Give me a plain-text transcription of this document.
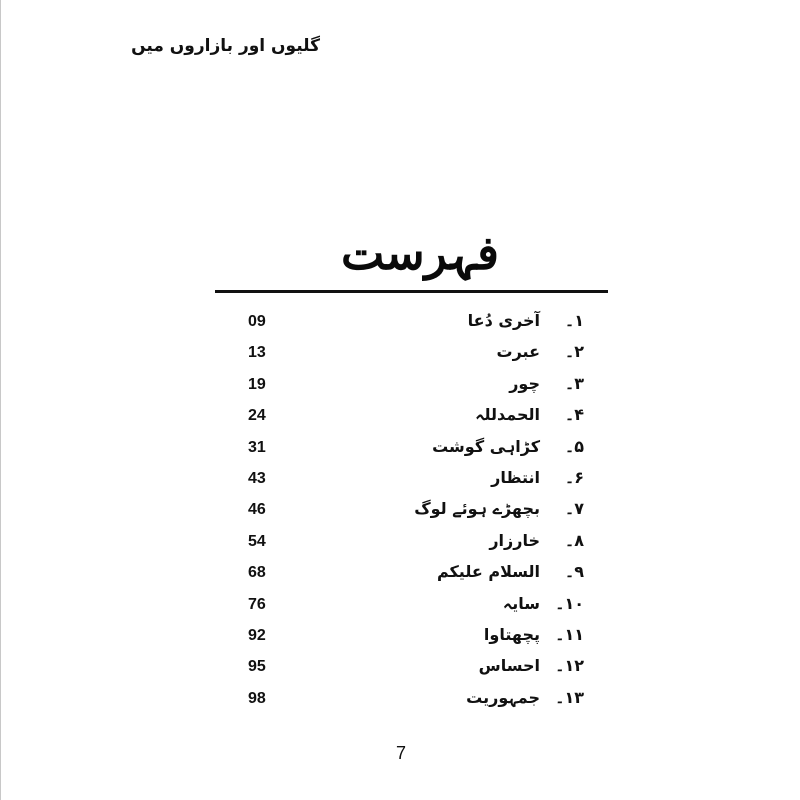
گلیوں اور بازاروں میں
فہرست
09	آخری دُعا	۱۔
13	عبرت	۲۔
19	چور	۳۔
24	الحمدللہ	۴۔
31	کڑاہی گوشت	۵۔
43	انتظار	۶۔
46	بچھڑے ہوئے لوگ	۷۔
54	خارزار	۸۔
68	السلام علیکم	۹۔
76	سایہ ۱۰۔
92	پچھتاوا ۱۱۔
95	احساس ۱۲۔
98	جمہوریت ۱۳۔
7
